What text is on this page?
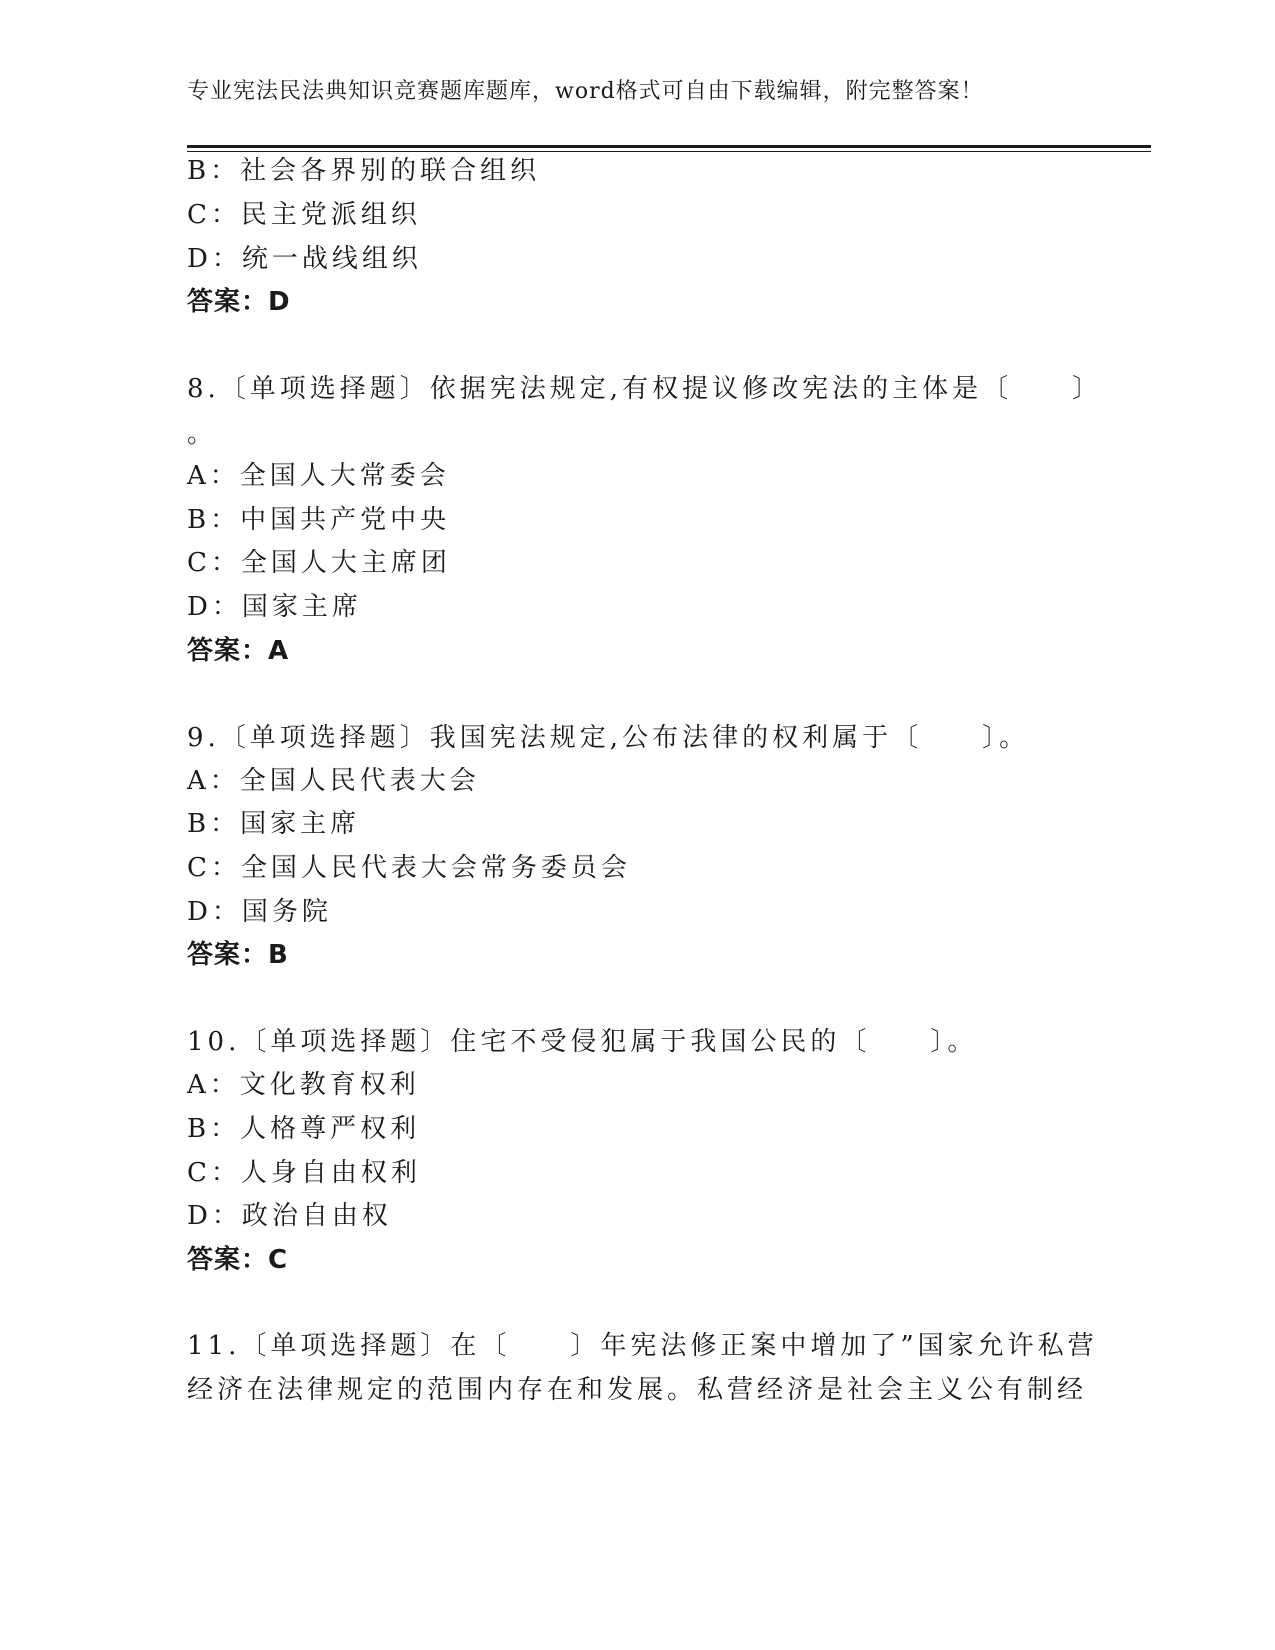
专业宪法民法典知识竞赛题库题库，word格式可自由下载编辑，附完整答案！
B：社会各界别的联合组织
C：民主党派组织
D：统一战线组织
答案：D
8.〔单项选择题〕依据宪法规定,有权提议修改宪法的主体是〔　　〕
。
A：全国人大常委会
B：中国共产党中央
C：全国人大主席团
D：国家主席
答案：A
9.〔单项选择题〕我国宪法规定,公布法律的权利属于〔　　〕。
A：全国人民代表大会
B：国家主席
C：全国人民代表大会常务委员会
D：国务院
答案：B
10.〔单项选择题〕住宅不受侵犯属于我国公民的〔　　〕。
A：文化教育权利
B：人格尊严权利
C：人身自由权利
D：政治自由权
答案：C
11.〔单项选择题〕在〔　　〕年宪法修正案中增加了”国家允许私营
经济在法律规定的范围内存在和发展。私营经济是社会主义公有制经
